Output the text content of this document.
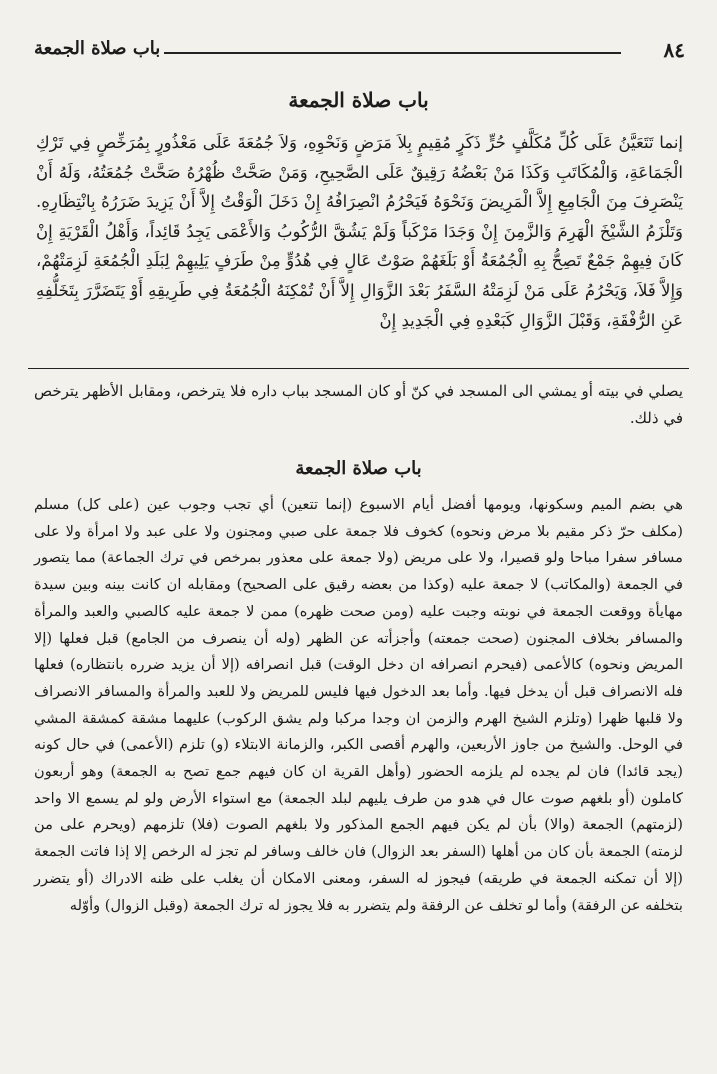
٨٤
باب صلاة الجمعة
باب صلاة الجمعة
إنما تَتَعَيَّنُ عَلَى كُلِّ مُكَلَّفٍ حُرٍّ ذَكَرٍ مُقِيمٍ بِلاَ مَرَضٍ وَنَحْوِهِ، وَلاَ جُمُعَةَ عَلَى مَعْذُورٍ بِمُرَخِّصٍ فِي تَرْكِ الْجَمَاعَةِ، وَالْمُكَاتَبِ وَكَذَا مَنْ بَعْضُهُ رَقِيقٌ عَلَى الصَّحِيحِ، وَمَنْ صَحَّتْ ظُهْرُهُ صَحَّتْ جُمُعَتُهُ، وَلَهُ أَنْ يَنْصَرِفَ مِنَ الْجَامِعِ إِلاَّ الْمَرِيضَ وَنَحْوَهُ فَيَحْرُمُ انْصِرَافُهُ إِنْ دَخَلَ الْوَقْتُ إِلاَّ أَنْ يَزِيدَ ضَرَرُهُ بِانْتِظَارِهِ. وَتَلْزَمُ الشَّيْخَ الْهَرِمَ وَالزَّمِنَ إِنْ وَجَدَا مَرْكَباً وَلَمْ يَشُقَّ الرُّكُوبُ وَالأَعْمَى يَجِدُ قَائِداً، وَأَهْلُ الْقَرْيَةِ إِنْ كَانَ فِيهِمْ جَمْعٌ تَصِحُّ بِهِ الْجُمُعَةُ أَوْ بَلَغَهُمْ صَوْتٌ عَالٍ فِي هُدُوٍّ مِنْ طَرَفٍ يَلِيهِمْ لِبَلَدِ الْجُمُعَةِ لَزِمَتْهُمْ، وَإِلاَّ فَلاَ، وَيَحْرُمُ عَلَى مَنْ لَزِمَتْهُ السَّفَرُ بَعْدَ الزَّوَالِ إِلاَّ أَنْ تُمْكِنَهُ الْجُمُعَةُ فِي طَرِيقِهِ أَوْ يَتَضَرَّرَ بِتَخَلُّفِهِ عَنِ الرُّفْقَةِ، وَقَبْلَ الزَّوَالِ كَبَعْدِهِ فِي الْجَدِيدِ إِنْ
يصلي في بيته أو يمشي الى المسجد في كنّ أو كان المسجد بباب داره فلا يترخص، ومقابل الأظهر يترخص في ذلك.
باب صلاة الجمعة

هي بضم الميم وسكونها، ويومها أفضل أيام الاسبوع (إنما تتعين) أي تجب وجوب عين (على كل) مسلم (مكلف حرّ ذكر مقيم بلا مرض ونحوه) كخوف فلا جمعة على صبي ومجنون ولا على عبد ولا امرأة ولا على مسافر سفرا مباحا ولو قصيرا، ولا على مريض (ولا جمعة على معذور بمرخص في ترك الجماعة) مما يتصور في الجمعة (والمكاتب) لا جمعة عليه (وكذا من بعضه رقيق على الصحيح) ومقابله ان كانت بينه وبين سيدة مهايأة ووقعت الجمعة في نوبته وجبت عليه (ومن صحت ظهره) ممن لا جمعة عليه كالصبي والعبد والمرأة والمسافر بخلاف المجنون (صحت جمعته) وأجزأته عن الظهر (وله أن ينصرف من الجامع) قبل فعلها (إلا المريض ونحوه) كالأعمى (فيحرم انصرافه ان دخل الوقت) قبل انصرافه (إلا أن يزيد ضرره بانتظاره) فعلها فله الانصراف قبل أن يدخل فيها. وأما بعد الدخول فيها فليس للمريض ولا للعبد والمرأة والمسافر الانصراف ولا قلبها ظهرا (وتلزم الشيخ الهرم والزمن ان وجدا مركبا ولم يشق الركوب) عليهما مشقة كمشقة المشي في الوحل. والشيخ من جاوز الأربعين، والهرم أقصى الكبر، والزمانة الابتلاء (و) تلزم (الأعمى) في حال كونه (يجد قائدا) فان لم يجده لم يلزمه الحضور (وأهل القرية ان كان فيهم جمع تصح به الجمعة) وهو أربعون كاملون (أو بلغهم صوت عال في هدو من طرف يليهم لبلد الجمعة) مع استواء الأرض ولو لم يسمع الا واحد (لزمتهم) الجمعة (والا) بأن لم يكن فيهم الجمع المذكور ولا بلغهم الصوت (فلا) تلزمهم (ويحرم على من لزمته) الجمعة بأن كان من أهلها (السفر بعد الزوال) فان خالف وسافر لم تجز له الرخص إلا إذا فاتت الجمعة (إلا أن تمكنه الجمعة في طريقه) فيجوز له السفر، ومعنى الامكان أن يغلب على ظنه الادراك (أو يتضرر بتخلفه عن الرفقة) وأما لو تخلف عن الرفقة ولم يتضرر به فلا يجوز له ترك الجمعة (وقبل الزوال) وأوّله
